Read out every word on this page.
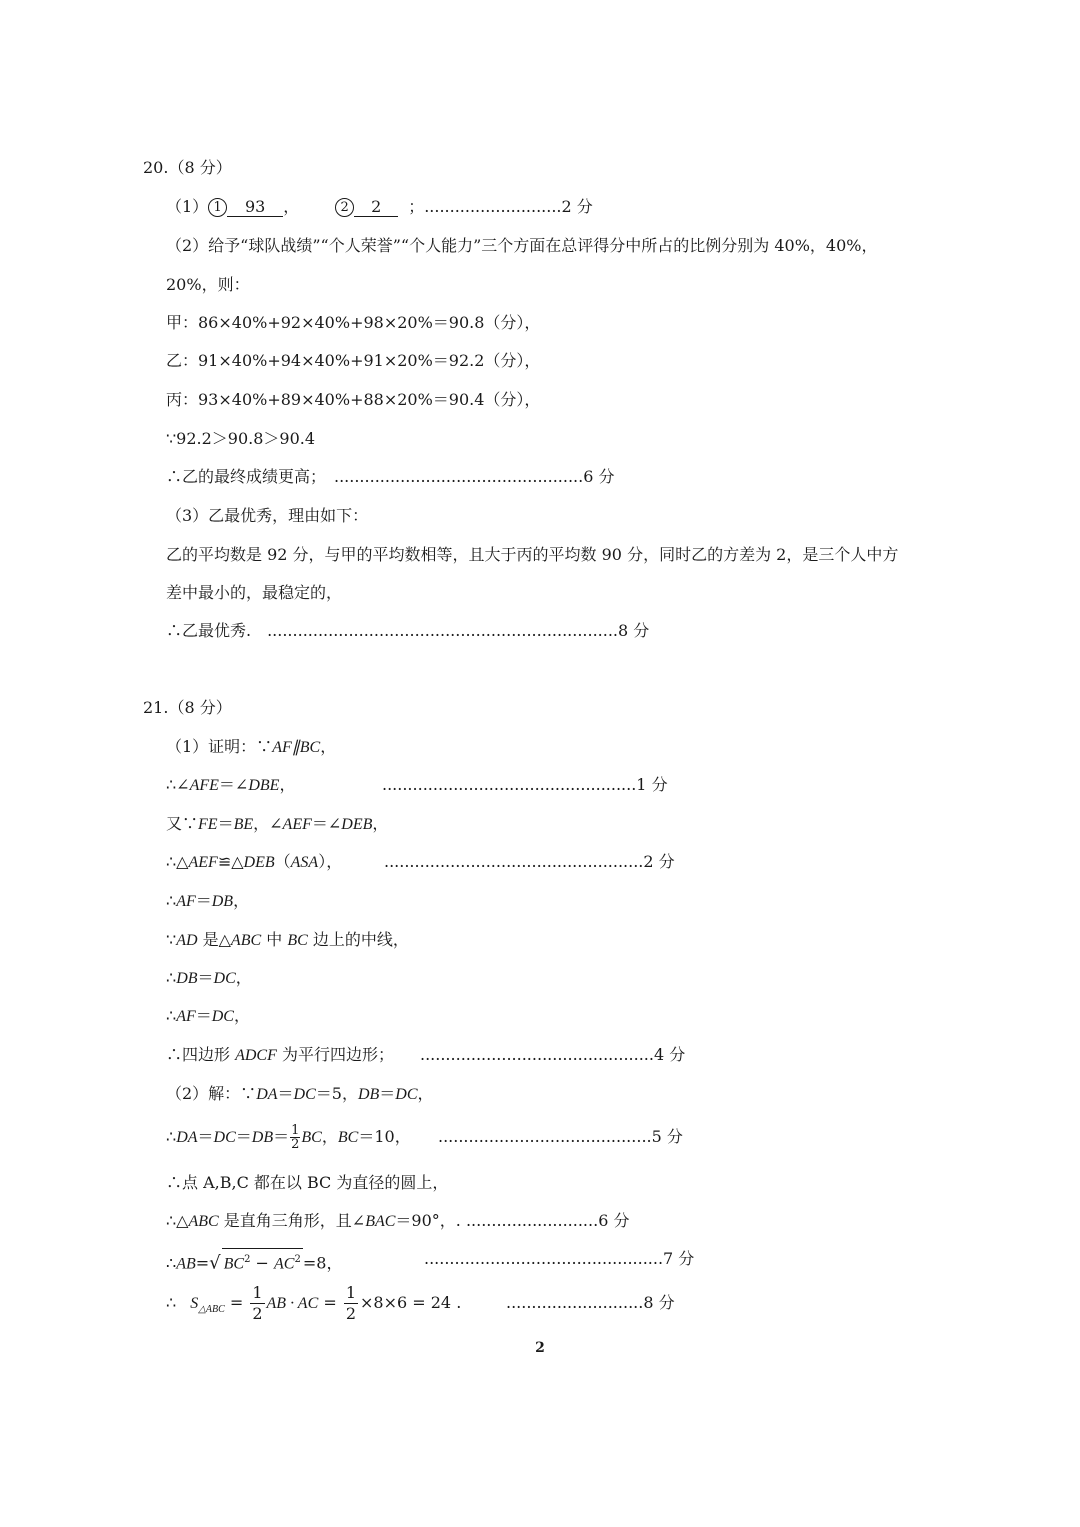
20.（8 分）
（1） 1 93 ，	2 2 ；...........................2 分
（2）给予“球队战绩”“个人荣誉”“个人能力”三个方面在总评得分中所占的比例分别为 40%，40%，
20%，则：
甲：86×40%+92×40%+98×20%＝90.8（分），
乙：91×40%+94×40%+91×20%＝92.2（分），
丙：93×40%+89×40%+88×20%＝90.4（分），
∵92.2＞90.8＞90.4
∴乙的最终成绩更高；　.................................................6 分
（3）乙最优秀，理由如下：
乙的平均数是 92 分，与甲的平均数相等，且大于丙的平均数 90 分，同时乙的方差为 2，是三个人中方
差中最小的，最稳定的，
∴乙最优秀.　.....................................................................8 分
21.（8 分）
（1）证明：∵AF∥BC，
∴∠AFE＝∠DBE，	..................................................1 分
又∵FE＝BE，∠AEF＝∠DEB，
∴△AEF≌△DEB（ASA），	...................................................2 分
∴AF＝DB，
∵AD 是△ABC 中 BC 边上的中线，
∴DB＝DC，
∴AF＝DC，
∴四边形 ADCF 为平行四边形； ..............................................4 分
（2）解：∵DA＝DC＝5，DB＝DC，
∴DA＝DC＝DB＝ $\frac{1}{2}$ BC，BC＝10， ..........................................5 分
∴点 A,B,C 都在以 BC 为直径的圆上，
∴△ABC 是直角三角形，且∠BAC＝90°，. ..........................6 分
∴AB=√ $BC^2 - AC^2 =8$，	...............................................7 分
∴ $S_{\triangle ABC} = \frac{1}{2}$ AB · AC = $\frac{1}{2} \times 8\times 6 = 24$ .	...........................8 分
2
